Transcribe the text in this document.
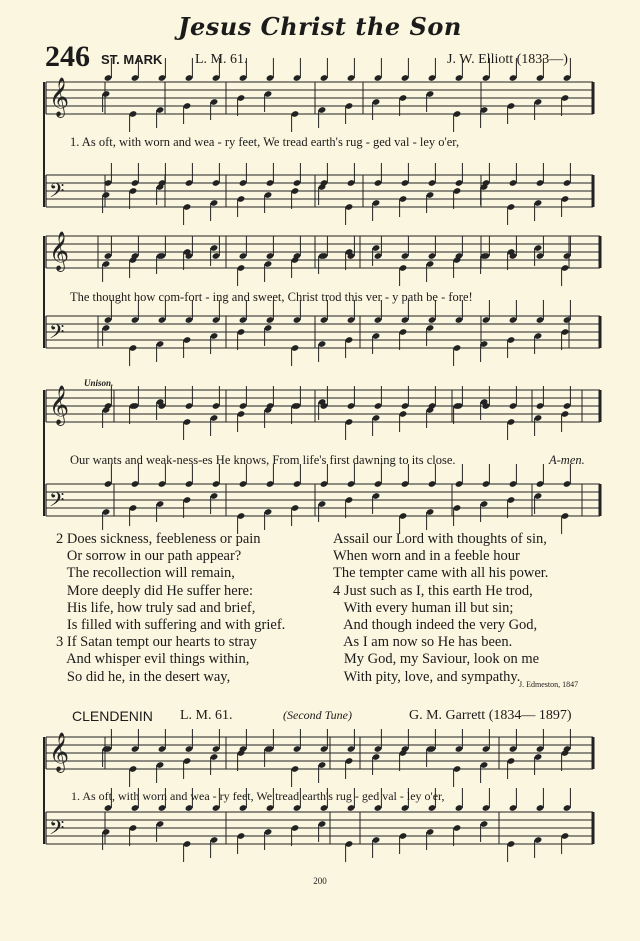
Jesus Christ the Son
246 ST. MARK L. M. 61.	J. W. Elliott (1833—)
𝄞
𝄢
𝄞
𝄢
𝄞
𝄢
𝄞
𝄢
1. As oft, with worn and wea - ry feet, We tread earth's rug - ged val - ley o'er,
The thought how com-fort - ing and sweet, Christ trod this ver - y path be - fore!
Unison.
Our wants and weak-ness-es He knows, From life's first dawning to its close.	A-men.
2 Does sickness, feebleness or pain
Or sorrow in our path appear?
The recollection will remain,
More deeply did He suffer here:
His life, how truly sad and brief,
Is filled with suffering and with grief.
3 If Satan tempt our hearts to stray
And whisper evil things within,
So did he, in the desert way,
Assail our Lord with thoughts of sin,
When worn and in a feeble hour
The tempter came with all his power.
4 Just such as I, this earth He trod,
With every human ill but sin;
And though indeed the very God,
As I am now so He has been.
My God, my Saviour, look on me
With pity, love, and sympathy.
J. Edmeston, 1847
CLENDENIN L. M. 61.	(Second Tune)	G. M. Garrett (1834— 1897)
1. As oft, with worn and wea - ry feet, We tread earth's rug - ged val - ley o'er,
200
